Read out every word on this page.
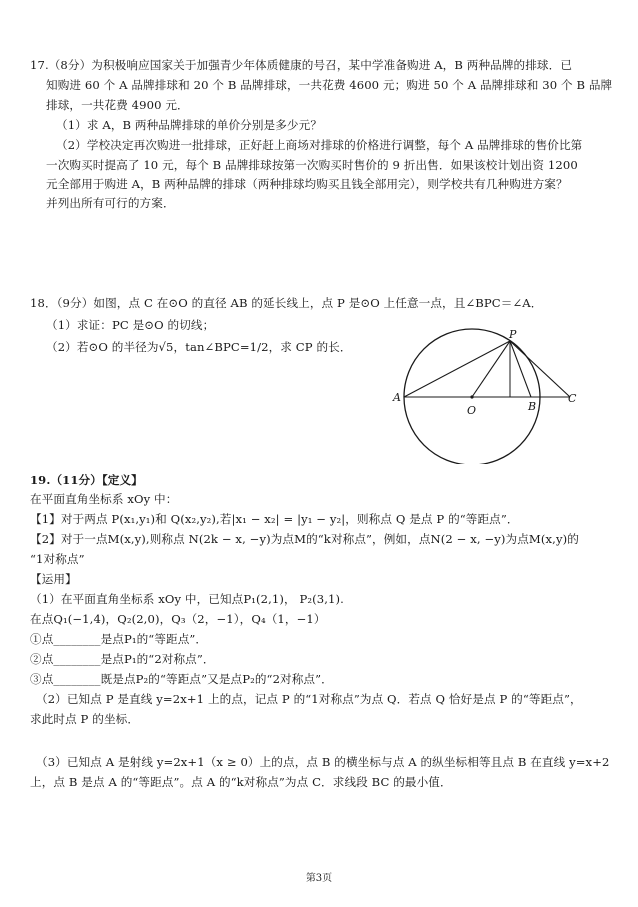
17.（8分）为积极响应国家关于加强青少年体质健康的号召，某中学准备购进 A，B 两种品牌的排球．已
知购进 60 个 A 品牌排球和 20 个 B 品牌排球，一共花费 4600 元；购进 50 个 A 品牌排球和 30 个 B 品牌
排球，一共花费 4900 元．
（1）求 A，B 两种品牌排球的单价分别是多少元？
（2）学校决定再次购进一批排球，正好赶上商场对排球的价格进行调整，每个 A 品牌排球的售价比第
一次购买时提高了 10 元，每个 B 品牌排球按第一次购买时售价的 9 折出售．如果该校计划出资 1200
元全部用于购进 A，B 两种品牌的排球（两种排球均购买且钱全部用完），则学校共有几种购进方案？
并列出所有可行的方案．
18．（9分）如图，点 C 在⊙O 的直径 AB 的延长线上，点 P 是⊙O 上任意一点，且∠BPC＝∠A．
（1）求证：PC 是⊙O 的切线；
（2）若⊙O 的半径为√5，tan∠BPC=1/2，求 CP 的长．
A
O	B
C
P
19.（11分）【定义】
在平面直角坐标系 xOy 中：
【1】对于两点 P(x₁,y₁)和 Q(x₂,y₂),若|x₁ − x₂| = |y₁ − y₂|，则称点 Q 是点 P 的“等距点”．
【2】对于一点M(x,y),则称点 N(2k − x, −y)为点M的“k对称点”，例如，点N(2 − x, −y)为点M(x,y)的
“1对称点”
【运用】
（1）在平面直角坐标系 xOy 中，已知点P₁(2,1)， P₂(3,1).
在点Q₁(−1,4)，Q₂(2,0)，Q₃（2，−1），Q₄（1，−1）
①点________是点P₁的“等距点”．
②点________是点P₁的“2对称点”．
③点________既是点P₂的“等距点”又是点P₂的“2对称点”．
（2）已知点 P 是直线 y=2x+1 上的点，记点 P 的“1对称点”为点 Q．若点 Q 恰好是点 P 的“等距点”，
求此时点 P 的坐标．
（3）已知点 A 是射线 y=2x+1（x ≥ 0）上的点，点 B 的横坐标与点 A 的纵坐标相等且点 B 在直线 y=x+2
上，点 B 是点 A 的“等距点”。点 A 的“k对称点”为点 C．求线段 BC 的最小值．
第3页
